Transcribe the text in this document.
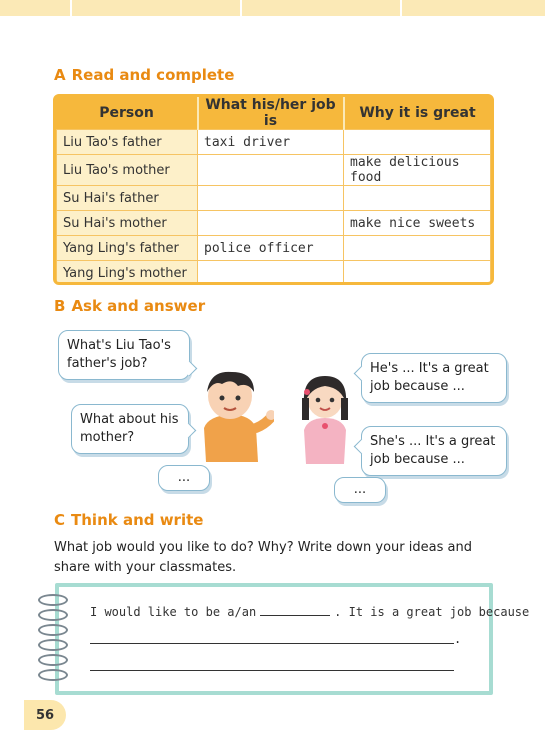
A Read and complete
Person	What his/her job is	Why it is great
Liu Tao's father	taxi driver	
Liu Tao's mother		make delicious food
Su Hai's father		
Su Hai's mother		make nice sweets
Yang Ling's father	police officer	
Yang Ling's mother		
B Ask and answer
What's Liu Tao's father's job?	He's ... It's a great job because ...
What about his mother?	She's ... It's a great job because ...
...
...
C Think and write
What job would you like to do? Why? Write down your ideas and share with your classmates.
I would like to be a/an	. It is a great job because
.
56
